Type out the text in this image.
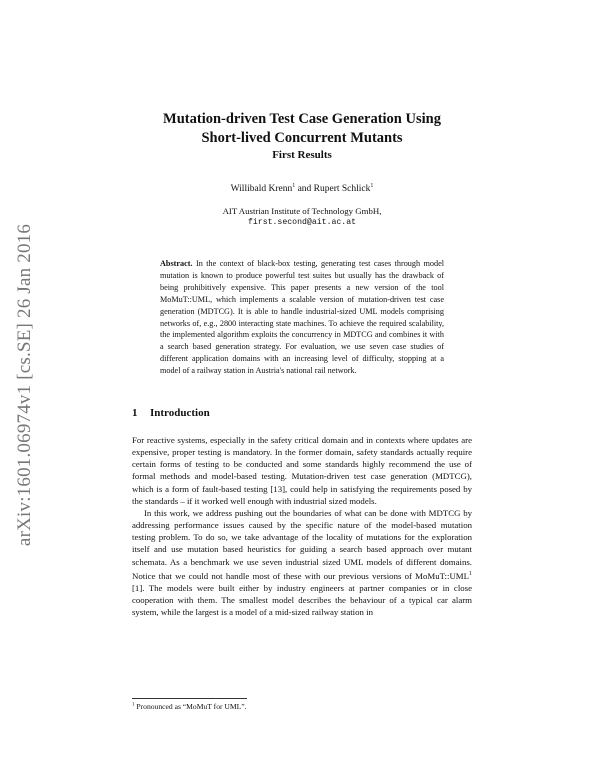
arXiv:1601.06974v1 [cs.SE] 26 Jan 2016
Mutation-driven Test Case Generation Using
Short-lived Concurrent Mutants
First Results
Willibald Krenn$^1$ and Rupert Schlick$^1$
AIT Austrian Institute of Technology GmbH,
first.second@ait.ac.at
Abstract. In the context of black-box testing, generating test cases through model mutation is known to produce powerful test suites but usually has the drawback of being prohibitively expensive. This paper presents a new version of the tool MoMuT::UML, which implements a scalable version of mutation-driven test case generation (MDTCG). It is able to handle industrial-sized UML models comprising networks of, e.g., 2800 interacting state machines. To achieve the required scalability, the implemented algorithm exploits the concurrency in MDTCG and combines it with a search based generation strategy. For evaluation, we use seven case studies of different application domains with an increasing level of difficulty, stopping at a model of a railway station in Austria's national rail network.
1 Introduction

For reactive systems, especially in the safety critical domain and in contexts where updates are expensive, proper testing is mandatory. In the former domain, safety standards actually require certain forms of testing to be conducted and some standards highly recommend the use of formal methods and model-based testing. Mutation-driven test case generation (MDTCG), which is a form of fault-based testing [13], could help in satisfying the requirements posed by the standards – if it worked well enough with industrial sized models.

In this work, we address pushing out the boundaries of what can be done with MDTCG by addressing performance issues caused by the specific nature of the model-based mutation testing problem. To do so, we take advantage of the locality of mutations for the exploration itself and use mutation based heuristics for guiding a search based approach over mutant schemata. As a benchmark we use seven industrial sized UML models of different domains. Notice that we could not handle most of these with our previous versions of MoMuT::UML$^1$ [1]. The models were built either by industry engineers at partner companies or in close cooperation with them. The smallest model describes the behaviour of a typical car alarm system, while the largest is a model of a mid-sized railway station in

$^1$ Pronounced as “MoMuT for UML”.
